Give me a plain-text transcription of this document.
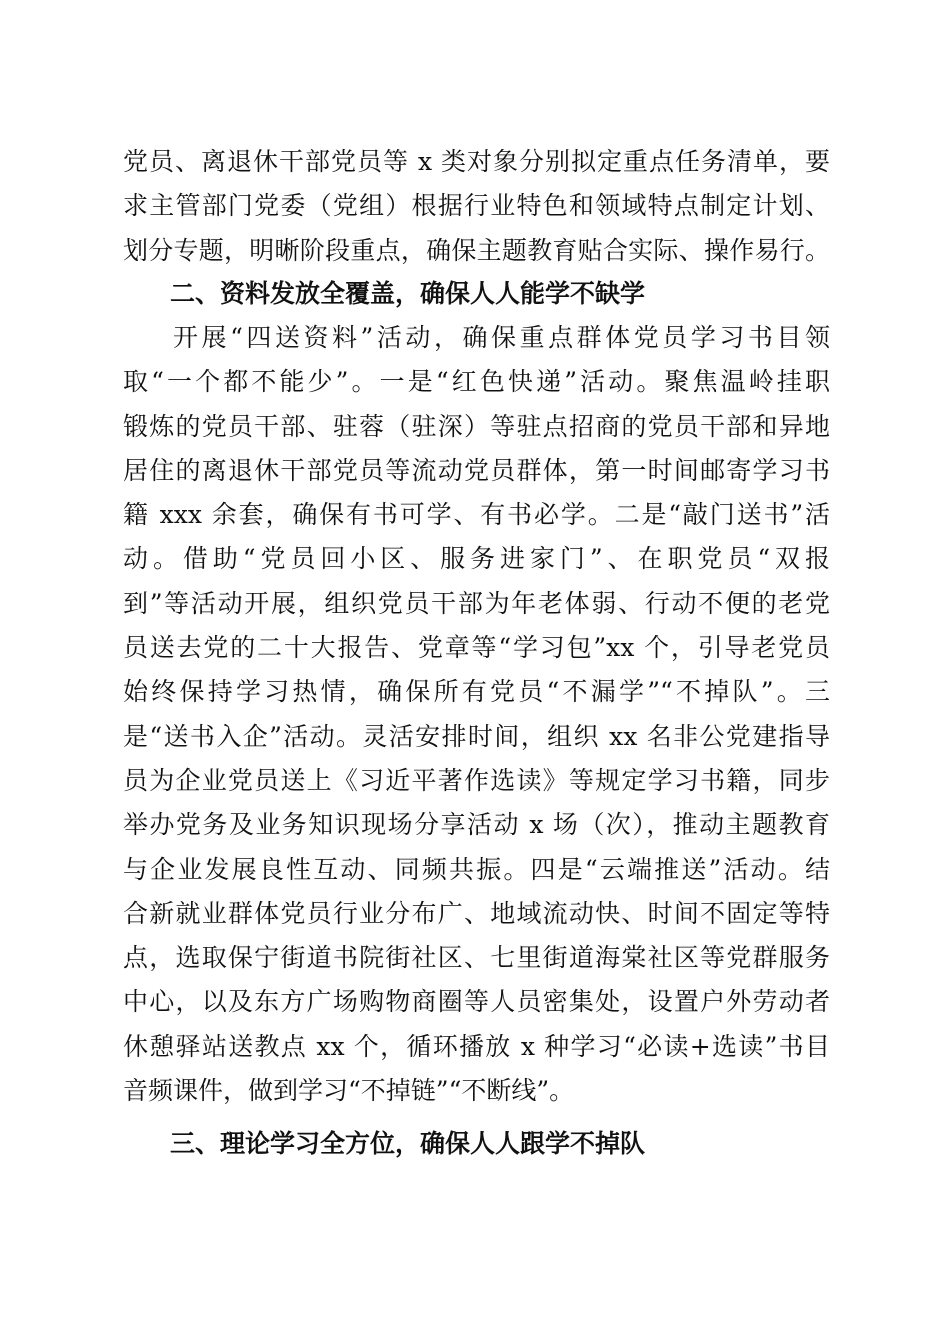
党员、离退休干部党员等 x 类对象分别拟定重点任务清单，要
求主管部门党委（党组）根据行业特色和领域特点制定计划、
划分专题，明晰阶段重点，确保主题教育贴合实际、操作易行。
二、资料发放全覆盖，确保人人能学不缺学
开展“四送资料”活动，确保重点群体党员学习书目领
取“一个都不能少”。一是“红色快递”活动。聚焦温岭挂职
锻炼的党员干部、驻蓉（驻深）等驻点招商的党员干部和异地
居住的离退休干部党员等流动党员群体，第一时间邮寄学习书
籍 xxx 余套，确保有书可学、有书必学。二是“敲门送书”活
动。借助“党员回小区、服务进家门”、在职党员“双报
到”等活动开展，组织党员干部为年老体弱、行动不便的老党
员送去党的二十大报告、党章等“学习包”xx 个，引导老党员
始终保持学习热情，确保所有党员“不漏学”“不掉队”。三
是“送书入企”活动。灵活安排时间，组织 xx 名非公党建指导
员为企业党员送上《习近平著作选读》等规定学习书籍，同步
举办党务及业务知识现场分享活动 x 场（次），推动主题教育
与企业发展良性互动、同频共振。四是“云端推送”活动。结
合新就业群体党员行业分布广、地域流动快、时间不固定等特
点，选取保宁街道书院街社区、七里街道海棠社区等党群服务
中心，以及东方广场购物商圈等人员密集处，设置户外劳动者
休憩驿站送教点 xx 个，循环播放 x 种学习“必读+选读”书目
音频课件，做到学习“不掉链”“不断线”。
三、理论学习全方位，确保人人跟学不掉队
